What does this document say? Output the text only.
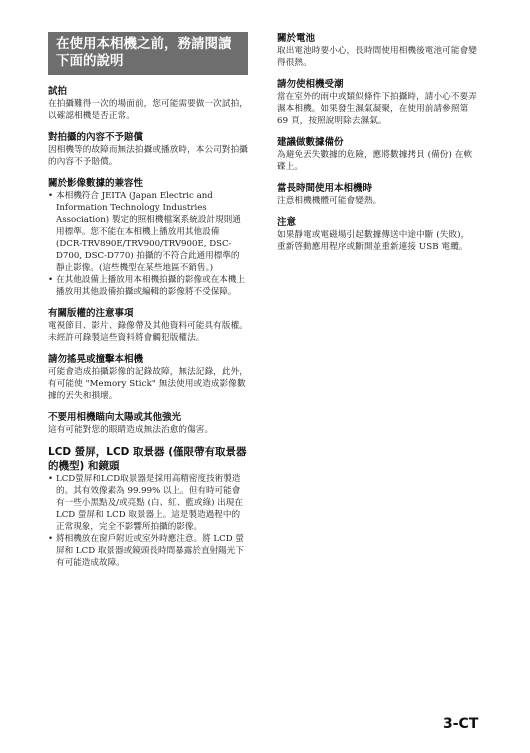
在使用本相機之前，務請閱讀下面的說明
試拍
在拍攝難得一次的場面前，您可能需要做一次試拍，以確認相機是否正常。
對拍攝的內容不予賠償
因相機等的故障而無法拍攝或播放時，本公司對拍攝的內容不予賠償。
關於影像數據的兼容性
• 本相機符合 JEITA (Japan Electric and Information Technology Industries Association) 製定的照相機檔案系統設計規則通用標準。您不能在本相機上播放用其他設備 (DCR-TRV890E/TRV900/TRV900E, DSC-D700, DSC-D770) 拍攝的不符合此通用標準的靜止影像。(這些機型在某些地區不銷售。)
• 在其他設備上播放用本相機拍攝的影像或在本機上播放用其他設備拍攝或編輯的影像將不受保障。
有關版權的注意事項
電視節目、影片、錄像帶及其他資料可能具有版權。未經許可錄製這些資料將會觸犯版權法。
請勿搖晃或撞擊本相機
可能會造成拍攝影像的記錄故障，無法記錄，此外，有可能使 "Memory Stick" 無法使用或造成影像數據的丟失和損壞。
不要用相機瞄向太陽或其他強光
這有可能對您的眼睛造成無法治愈的傷害。
LCD 螢屏，LCD 取景器 (僅限帶有取景器的機型) 和鏡頭
• LCD螢屏和LCD取景器是採用高精密度技術製造的。其有效像素為 99.99% 以上。但有時可能會有一些小黑點及/或亮點 (白、紅、藍或綠) 出現在 LCD 螢屏和 LCD 取景器上。這是製造過程中的正常現象，完全不影響所拍攝的影像。
• 將相機放在窗戶附近或室外時應注意。將 LCD 螢屏和 LCD 取景器或鏡頭長時間暴露於直射陽光下有可能造成故障。
關於電池
取出電池時要小心，長時間使用相機後電池可能會變得很熱。
請勿使相機受潮
當在室外的雨中或類似條件下拍攝時，請小心不要弄濕本相機。如果發生濕氣凝聚，在使用前請參照第 69 頁，按照說明除去濕氣。
建議做數據備份
為避免丟失數據的危險，應將數據拷貝 (備份) 在軟碟上。
當長時間使用本相機時
注意相機機體可能會變熱。
注意
如果靜電或電磁場引起數據傳送中途中斷 (失敗)，重新啓動應用程序或斷開並重新連接 USB 電纜。
3-CT
